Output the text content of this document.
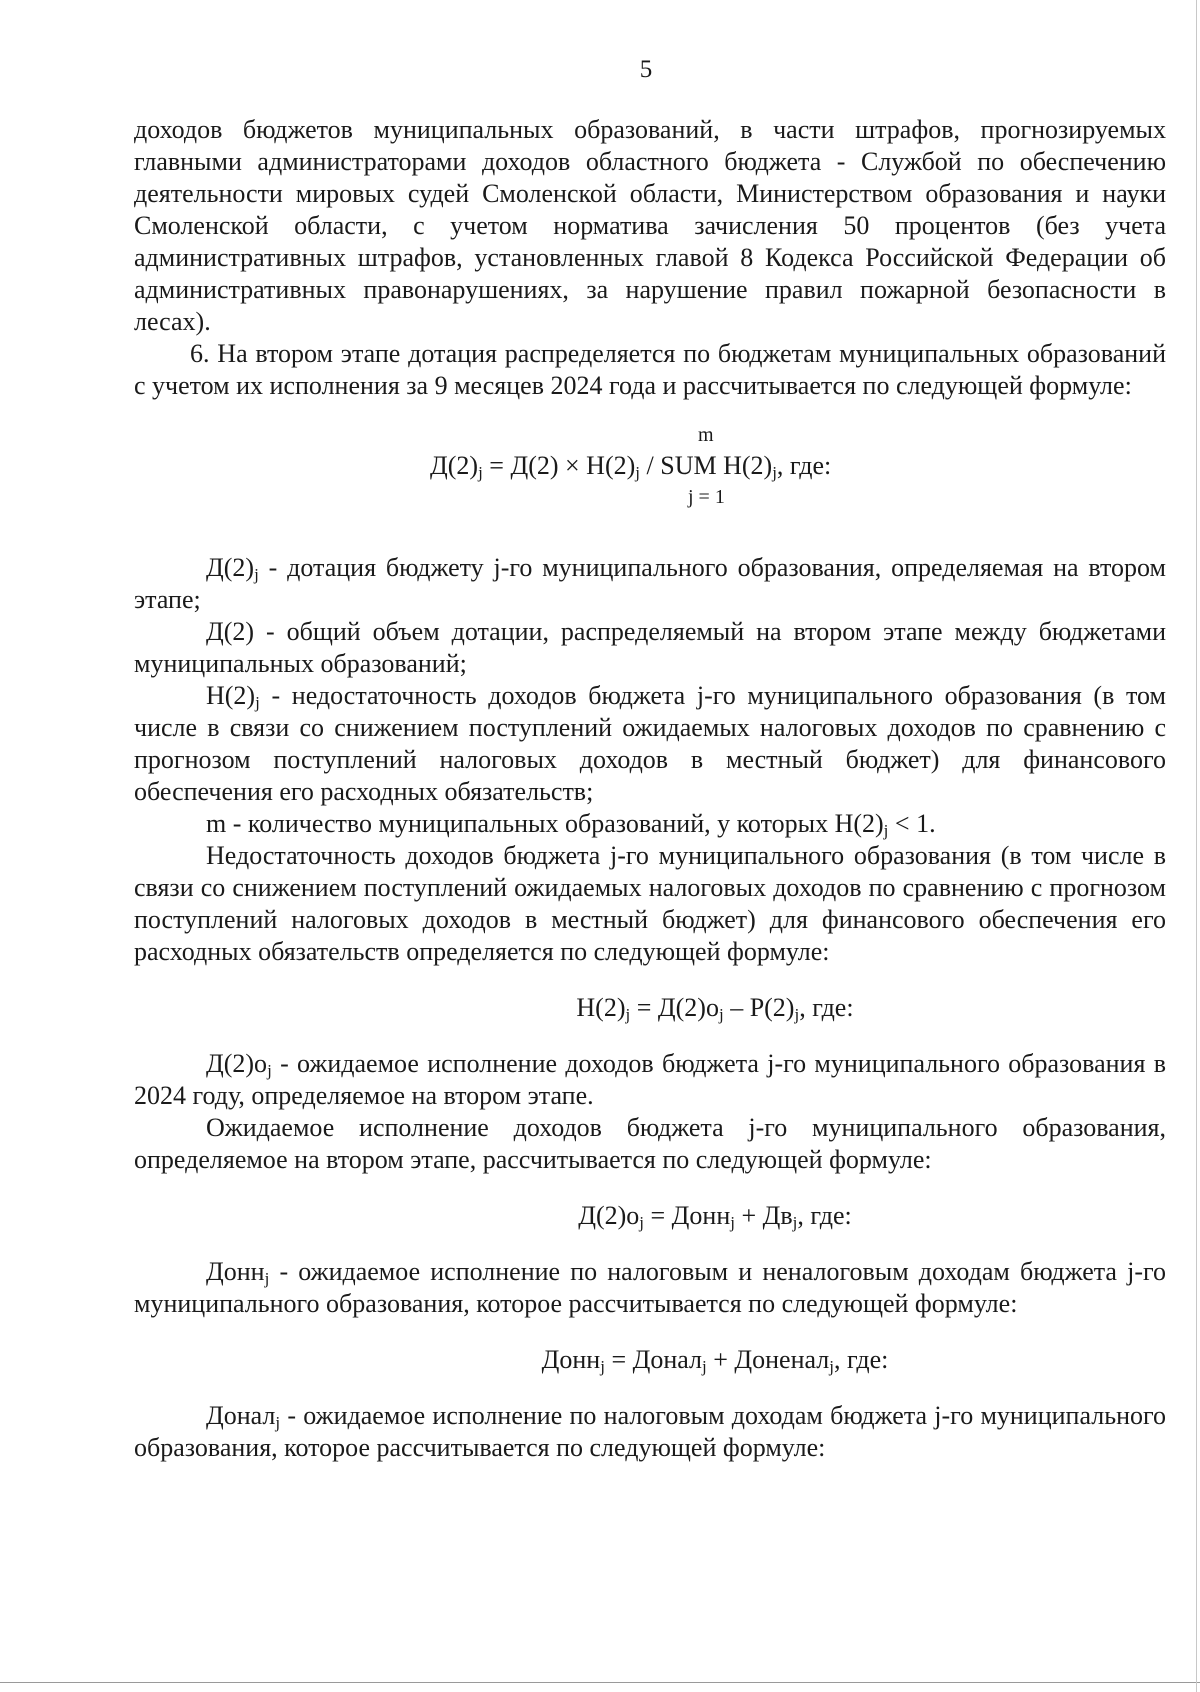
5

доходов бюджетов муниципальных образований, в части штрафов, прогнозируемых главными администраторами доходов областного бюджета - Службой по обеспечению деятельности мировых судей Смоленской области, Министерством образования и науки Смоленской области, с учетом норматива зачисления 50 процентов (без учета административных штрафов, установленных главой 8 Кодекса Российской Федерации об административных правонарушениях, за нарушение правил пожарной безопасности в лесах).

6. На втором этапе дотация распределяется по бюджетам муниципальных образований с учетом их исполнения за 9 месяцев 2024 года и рассчитывается по следующей формуле:

m
$Д(2)_j = Д(2) \times Н(2)_j$ / SUM $Н(2)_j$, где:
j = 1

$Д(2)_j$ - дотация бюджету j-го муниципального образования, определяемая на втором этапе;

Д(2) - общий объем дотации, распределяемый на втором этапе между бюджетами муниципальных образований;

$Н(2)_j$ - недостаточность доходов бюджета j-го муниципального образования (в том числе в связи со снижением поступлений ожидаемых налоговых доходов по сравнению с прогнозом поступлений налоговых доходов в местный бюджет) для финансового обеспечения его расходных обязательств;

m - количество муниципальных образований, у которых $Н(2)_j < 1$.

Недостаточность доходов бюджета j-го муниципального образования (в том числе в связи со снижением поступлений ожидаемых налоговых доходов по сравнению с прогнозом поступлений налоговых доходов в местный бюджет) для финансового обеспечения его расходных обязательств определяется по следующей формуле:

$Н(2)_j = Д(2)о_j - Р(2)_j$, где:

$Д(2)о_j$ - ожидаемое исполнение доходов бюджета j-го муниципального образования в 2024 году, определяемое на втором этапе.

Ожидаемое исполнение доходов бюджета j-го муниципального образования, определяемое на втором этапе, рассчитывается по следующей формуле:

$Д(2)о_j$ = Донн$_j$ + $Дв_j$, где:

Донн$_j$ - ожидаемое исполнение по налоговым и неналоговым доходам бюджета j-го муниципального образования, которое рассчитывается по следующей формуле:

Донн$_j$ = Донал$_j$ + Доненал$_j$, где:

Донал$_j$ - ожидаемое исполнение по налоговым доходам бюджета j-го муниципального образования, которое рассчитывается по следующей формуле:
